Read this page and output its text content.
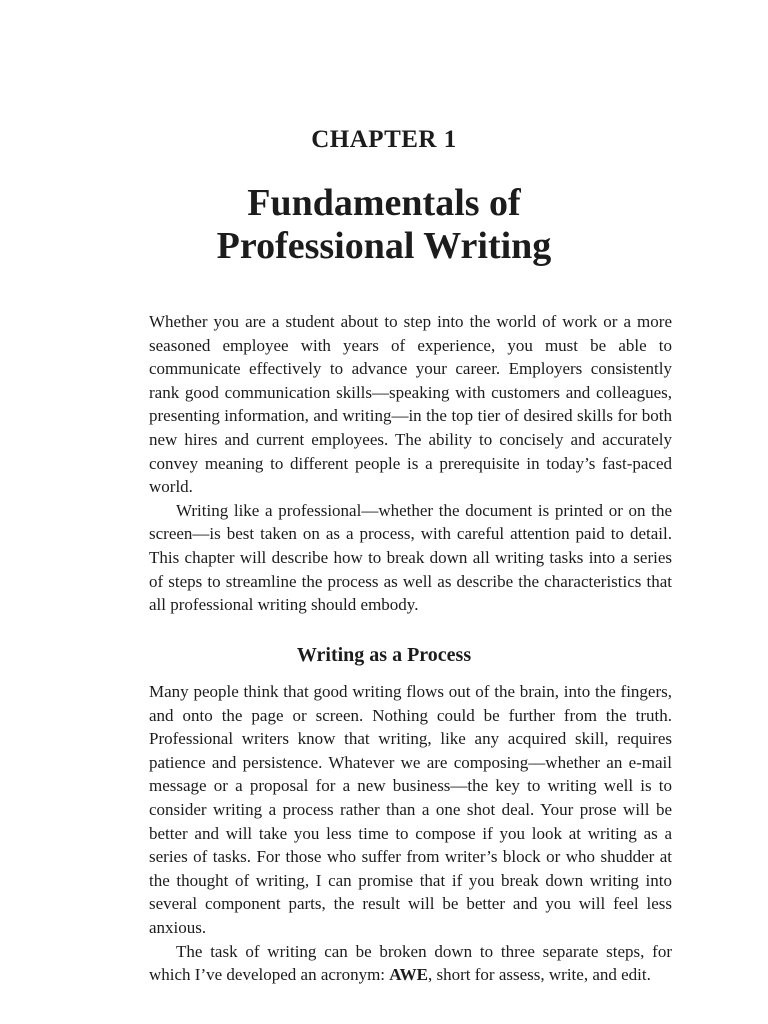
CHAPTER 1
Fundamentals of
Professional Writing

Whether you are a student about to step into the world of work or a more seasoned employee with years of experience, you must be able to communicate effectively to advance your career. Employers consistently rank good communication skills—speaking with customers and colleagues, presenting information, and writing—in the top tier of desired skills for both new hires and current employees. The ability to concisely and accurately convey meaning to different people is a prerequisite in today’s fast-paced world.

Writing like a professional—whether the document is printed or on the screen—is best taken on as a process, with careful attention paid to detail. This chapter will describe how to break down all writing tasks into a series of steps to streamline the process as well as describe the characteristics that all professional writing should embody.

Writing as a Process

Many people think that good writing flows out of the brain, into the fingers, and onto the page or screen. Nothing could be further from the truth. Professional writers know that writing, like any acquired skill, requires patience and persistence. Whatever we are composing—whether an e-mail message or a proposal for a new business—the key to writing well is to consider writing a process rather than a one shot deal. Your prose will be better and will take you less time to compose if you look at writing as a series of tasks. For those who suffer from writer’s block or who shudder at the thought of writing, I can promise that if you break down writing into several component parts, the result will be better and you will feel less anxious.

The task of writing can be broken down to three separate steps, for which I’ve developed an acronym: AWE, short for assess, write, and edit.
